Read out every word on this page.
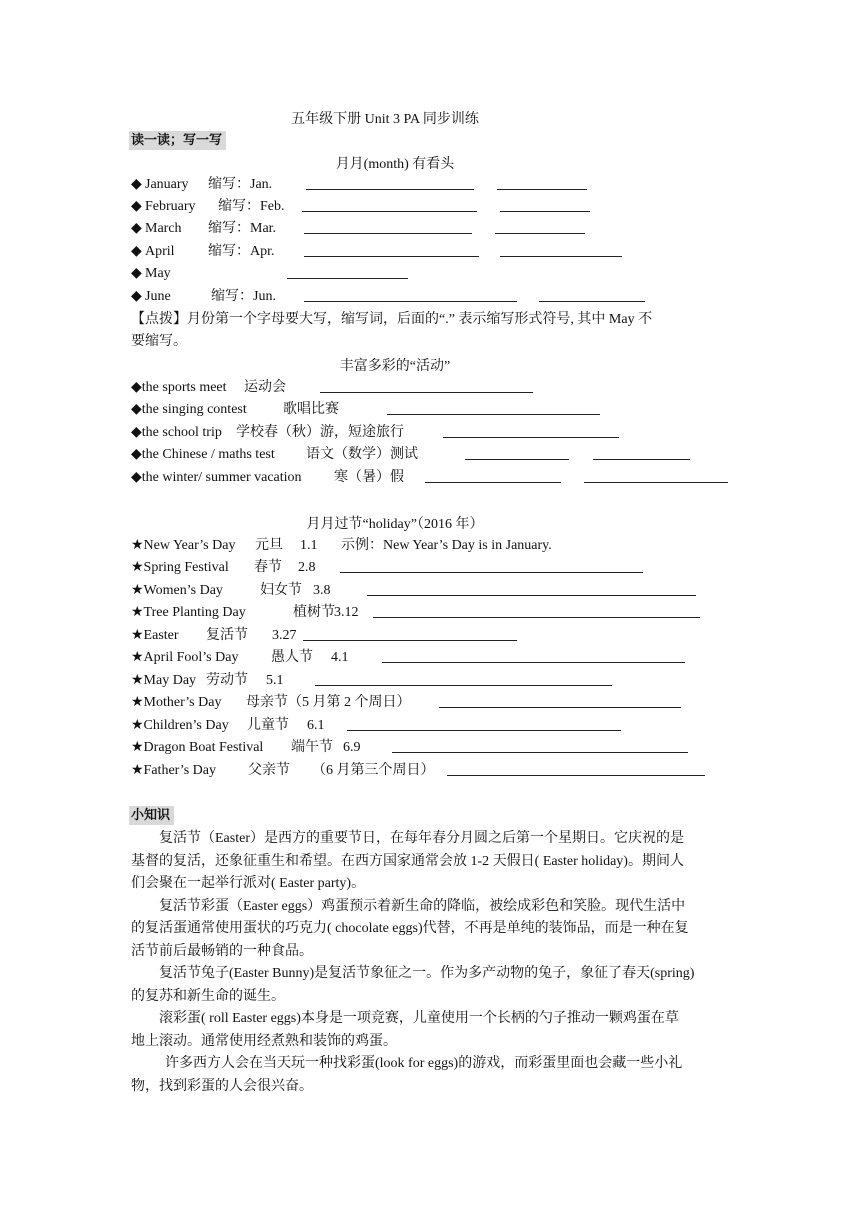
五年级下册 Unit 3 PA 同步训练
读一读；写一写
月月(month) 有看头
◆ January 缩写：Jan.
◆ February 缩写：Feb.
◆ March 缩写：Mar.
◆ April 缩写：Apr.
◆ May
◆ June	缩写：Jun.
【点拨】月份第一个字母要大写，缩写词，后面的“.” 表示缩写形式符号, 其中 May 不
要缩写。
丰富多彩的“活动”
◆the sports meet 运动会
◆the singing contest	歌唱比赛
◆the school trip 学校春（秋）游，短途旅行
◆the Chinese / maths test 语文（数学）测试
◆the winter/ summer vacation 寒（暑）假
月月过节“holiday”（2016 年）
★New Year’s Day 元旦 1.1 示例：New Year’s Day is in January.
★Spring Festival 春节 2.8
★Women’s Day	妇女节 3.8
★Tree Planting Day	植树节 3.12
★Easter 复活节 3.27
★April Fool’s Day 愚人节 4.1
★May Day 劳动节 5.1
★Mother’s Day 母亲节（5 月第 2 个周日）
★Children’s Day 儿童节 6.1
★Dragon Boat Festival 端午节 6.9
★Father’s Day 父亲节 （6 月第三个周日）
小知识
复活节（Easter）是西方的重要节日，在每年春分月圆之后第一个星期日。它庆祝的是
基督的复活，还象征重生和希望。在西方国家通常会放 1-2 天假日( Easter holiday)。期间人
们会聚在一起举行派对( Easter party)。
复活节彩蛋（Easter eggs）鸡蛋预示着新生命的降临，被绘成彩色和笑脸。现代生活中
的复活蛋通常使用蛋状的巧克力( chocolate eggs)代替，不再是单纯的装饰品，而是一种在复
活节前后最畅销的一种食品。
复活节兔子(Easter Bunny)是复活节象征之一。作为多产动物的兔子，象征了春天(spring)
的复苏和新生命的诞生。
滚彩蛋( roll Easter eggs)本身是一项竞赛，儿童使用一个长柄的勺子推动一颗鸡蛋在草
地上滚动。通常使用经煮熟和装饰的鸡蛋。
许多西方人会在当天玩一种找彩蛋(look for eggs)的游戏，而彩蛋里面也会藏一些小礼
物，找到彩蛋的人会很兴奋。
